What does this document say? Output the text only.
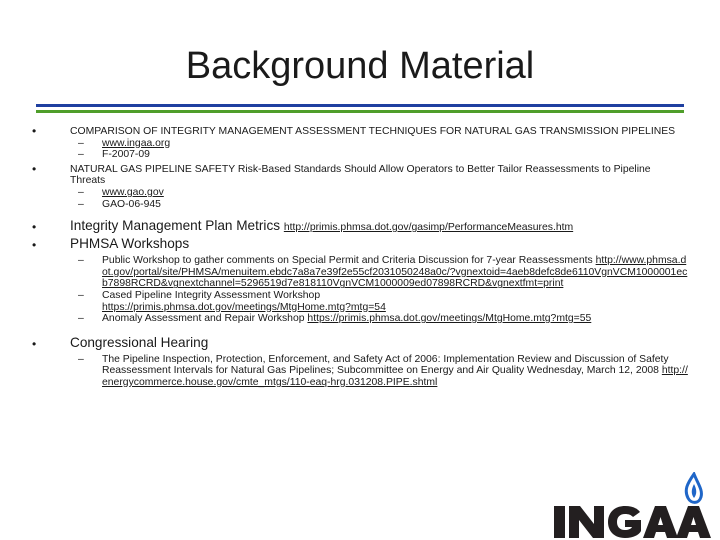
Background Material
•	COMPARISON OF INTEGRITY MANAGEMENT ASSESSMENT TECHNIQUES FOR NATURAL GAS TRANSMISSION PIPELINES
– www.ingaa.org
– F-2007-09
•	NATURAL GAS PIPELINE SAFETY Risk-Based Standards Should Allow Operators to Better Tailor Reassessments to Pipeline Threats
– www.gao.gov
– GAO-06-945
• Integrity Management Plan Metrics http://primis.phmsa.dot.gov/gasimp/PerformanceMeasures.htm
• PHMSA Workshops
– Public Workshop to gather comments on Special Permit and Criteria Discussion for 7-year Reassessments http://www.phmsa.dot.gov/portal/site/PHMSA/menuitem.ebdc7a8a7e39f2e55cf2031050248a0c/?vgnextoid=4aeb8defc8de6110VgnVCM1000001ecb7898RCRD&vgnextchannel=5296519d7e818110VgnVCM1000009ed07898RCRD&vgnextfmt=print
– Cased Pipeline Integrity Assessment Workshop
https://primis.phmsa.dot.gov/meetings/MtgHome.mtg?mtg=54
– Anomaly Assessment and Repair Workshop https://primis.phmsa.dot.gov/meetings/MtgHome.mtg?mtg=55
• Congressional Hearing
– The Pipeline Inspection, Protection, Enforcement, and Safety Act of 2006: Implementation Review and Discussion of Safety Reassessment Intervals for Natural Gas Pipelines; Subcommittee on Energy and Air Quality Wednesday, March 12, 2008 http://energycommerce.house.gov/cmte_mtgs/110-eaq-hrg.031208.PIPE.shtml
